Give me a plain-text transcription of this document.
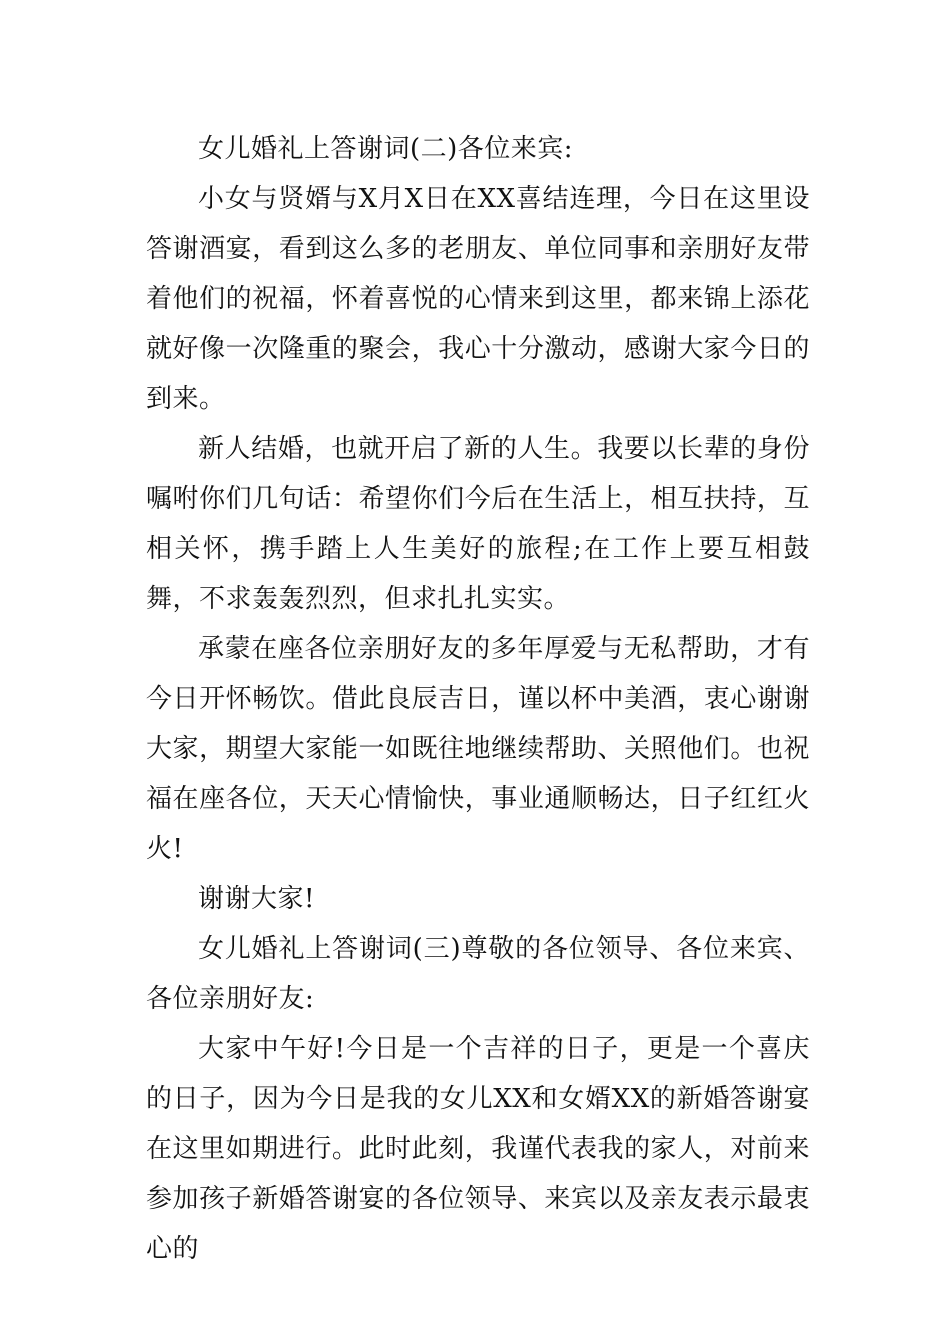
女儿婚礼上答谢词(二)各位来宾:

小女与贤婿与X月X日在XX喜结连理，今日在这里设答谢酒宴，看到这么多的老朋友、单位同事和亲朋好友带着他们的祝福，怀着喜悦的心情来到这里，都来锦上添花就好像一次隆重的聚会，我心十分激动，感谢大家今日的到来。

新人结婚，也就开启了新的人生。我要以长辈的身份嘱咐你们几句话：希望你们今后在生活上，相互扶持，互相关怀，携手踏上人生美好的旅程;在工作上要互相鼓舞，不求轰轰烈烈，但求扎扎实实。

承蒙在座各位亲朋好友的多年厚爱与无私帮助，才有今日开怀畅饮。借此良辰吉日，谨以杯中美酒，衷心谢谢大家，期望大家能一如既往地继续帮助、关照他们。也祝福在座各位，天天心情愉快，事业通顺畅达，日子红红火火!

谢谢大家!

女儿婚礼上答谢词(三)尊敬的各位领导、各位来宾、各位亲朋好友:

大家中午好!今日是一个吉祥的日子，更是一个喜庆的日子，因为今日是我的女儿XX和女婿XX的新婚答谢宴在这里如期进行。此时此刻，我谨代表我的家人，对前来参加孩子新婚答谢宴的各位领导、来宾以及亲友表示最衷心的
